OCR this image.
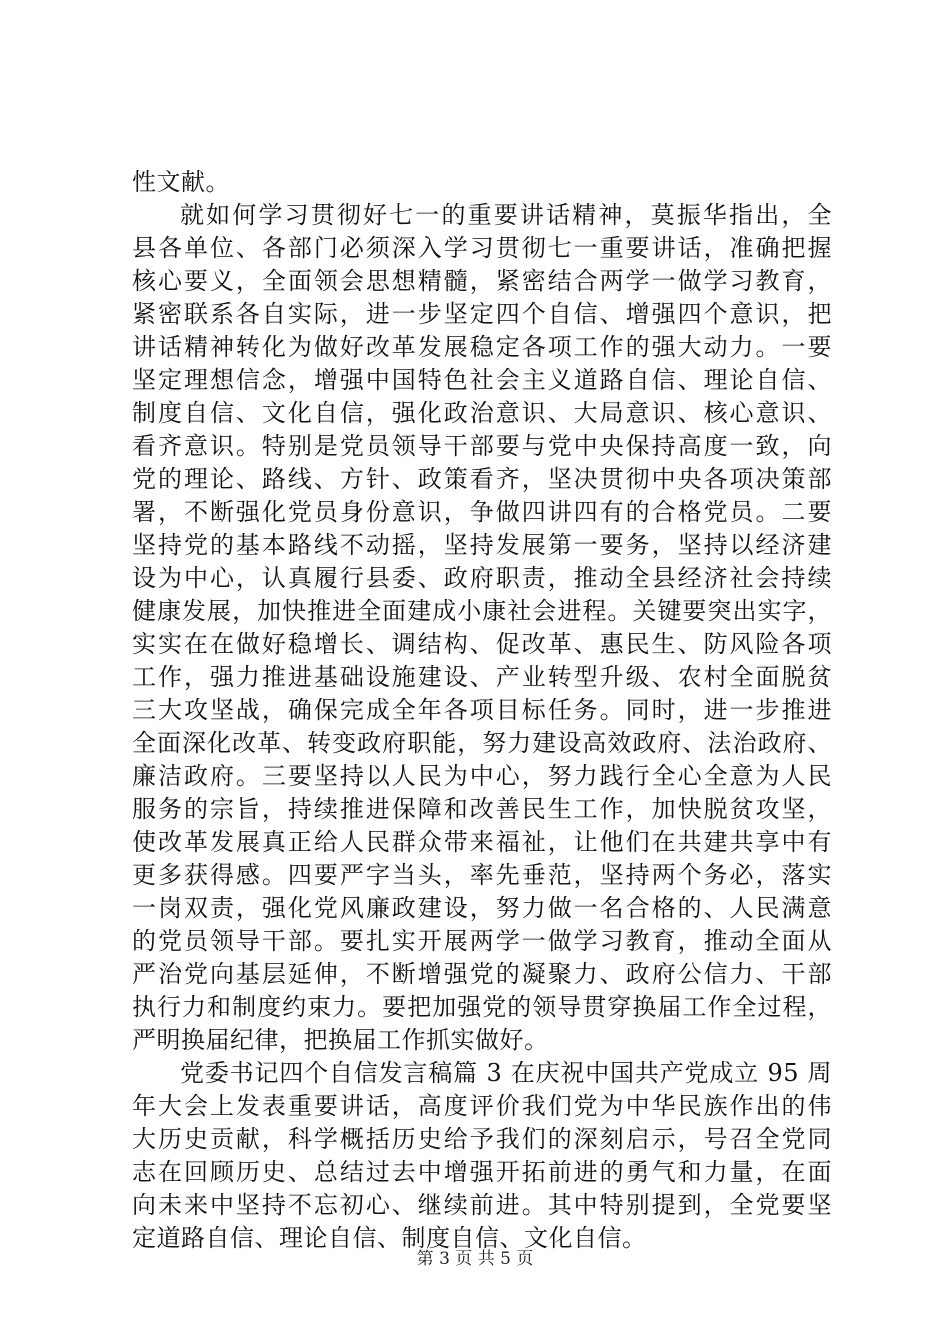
性文献。
就如何学习贯彻好七一的重要讲话精神，莫振华指出，全
县各单位、各部门必须深入学习贯彻七一重要讲话，准确把握
核心要义，全面领会思想精髓，紧密结合两学一做学习教育，
紧密联系各自实际，进一步坚定四个自信、增强四个意识，把
讲话精神转化为做好改革发展稳定各项工作的强大动力。一要
坚定理想信念，增强中国特色社会主义道路自信、理论自信、
制度自信、文化自信，强化政治意识、大局意识、核心意识、
看齐意识。特别是党员领导干部要与党中央保持高度一致，向
党的理论、路线、方针、政策看齐，坚决贯彻中央各项决策部
署，不断强化党员身份意识，争做四讲四有的合格党员。二要
坚持党的基本路线不动摇，坚持发展第一要务，坚持以经济建
设为中心，认真履行县委、政府职责，推动全县经济社会持续
健康发展，加快推进全面建成小康社会进程。关键要突出实字，
实实在在做好稳增长、调结构、促改革、惠民生、防风险各项
工作，强力推进基础设施建设、产业转型升级、农村全面脱贫
三大攻坚战，确保完成全年各项目标任务。同时，进一步推进
全面深化改革、转变政府职能，努力建设高效政府、法治政府、
廉洁政府。三要坚持以人民为中心，努力践行全心全意为人民
服务的宗旨，持续推进保障和改善民生工作，加快脱贫攻坚，
使改革发展真正给人民群众带来福祉，让他们在共建共享中有
更多获得感。四要严字当头，率先垂范，坚持两个务必，落实
一岗双责，强化党风廉政建设，努力做一名合格的、人民满意
的党员领导干部。要扎实开展两学一做学习教育，推动全面从
严治党向基层延伸，不断增强党的凝聚力、政府公信力、干部
执行力和制度约束力。要把加强党的领导贯穿换届工作全过程，
严明换届纪律，把换届工作抓实做好。
党委书记四个自信发言稿篇 3 在庆祝中国共产党成立 95 周
年大会上发表重要讲话，高度评价我们党为中华民族作出的伟
大历史贡献，科学概括历史给予我们的深刻启示，号召全党同
志在回顾历史、总结过去中增强开拓前进的勇气和力量，在面
向未来中坚持不忘初心、继续前进。其中特别提到，全党要坚
定道路自信、理论自信、制度自信、文化自信。
第 3 页 共 5 页
